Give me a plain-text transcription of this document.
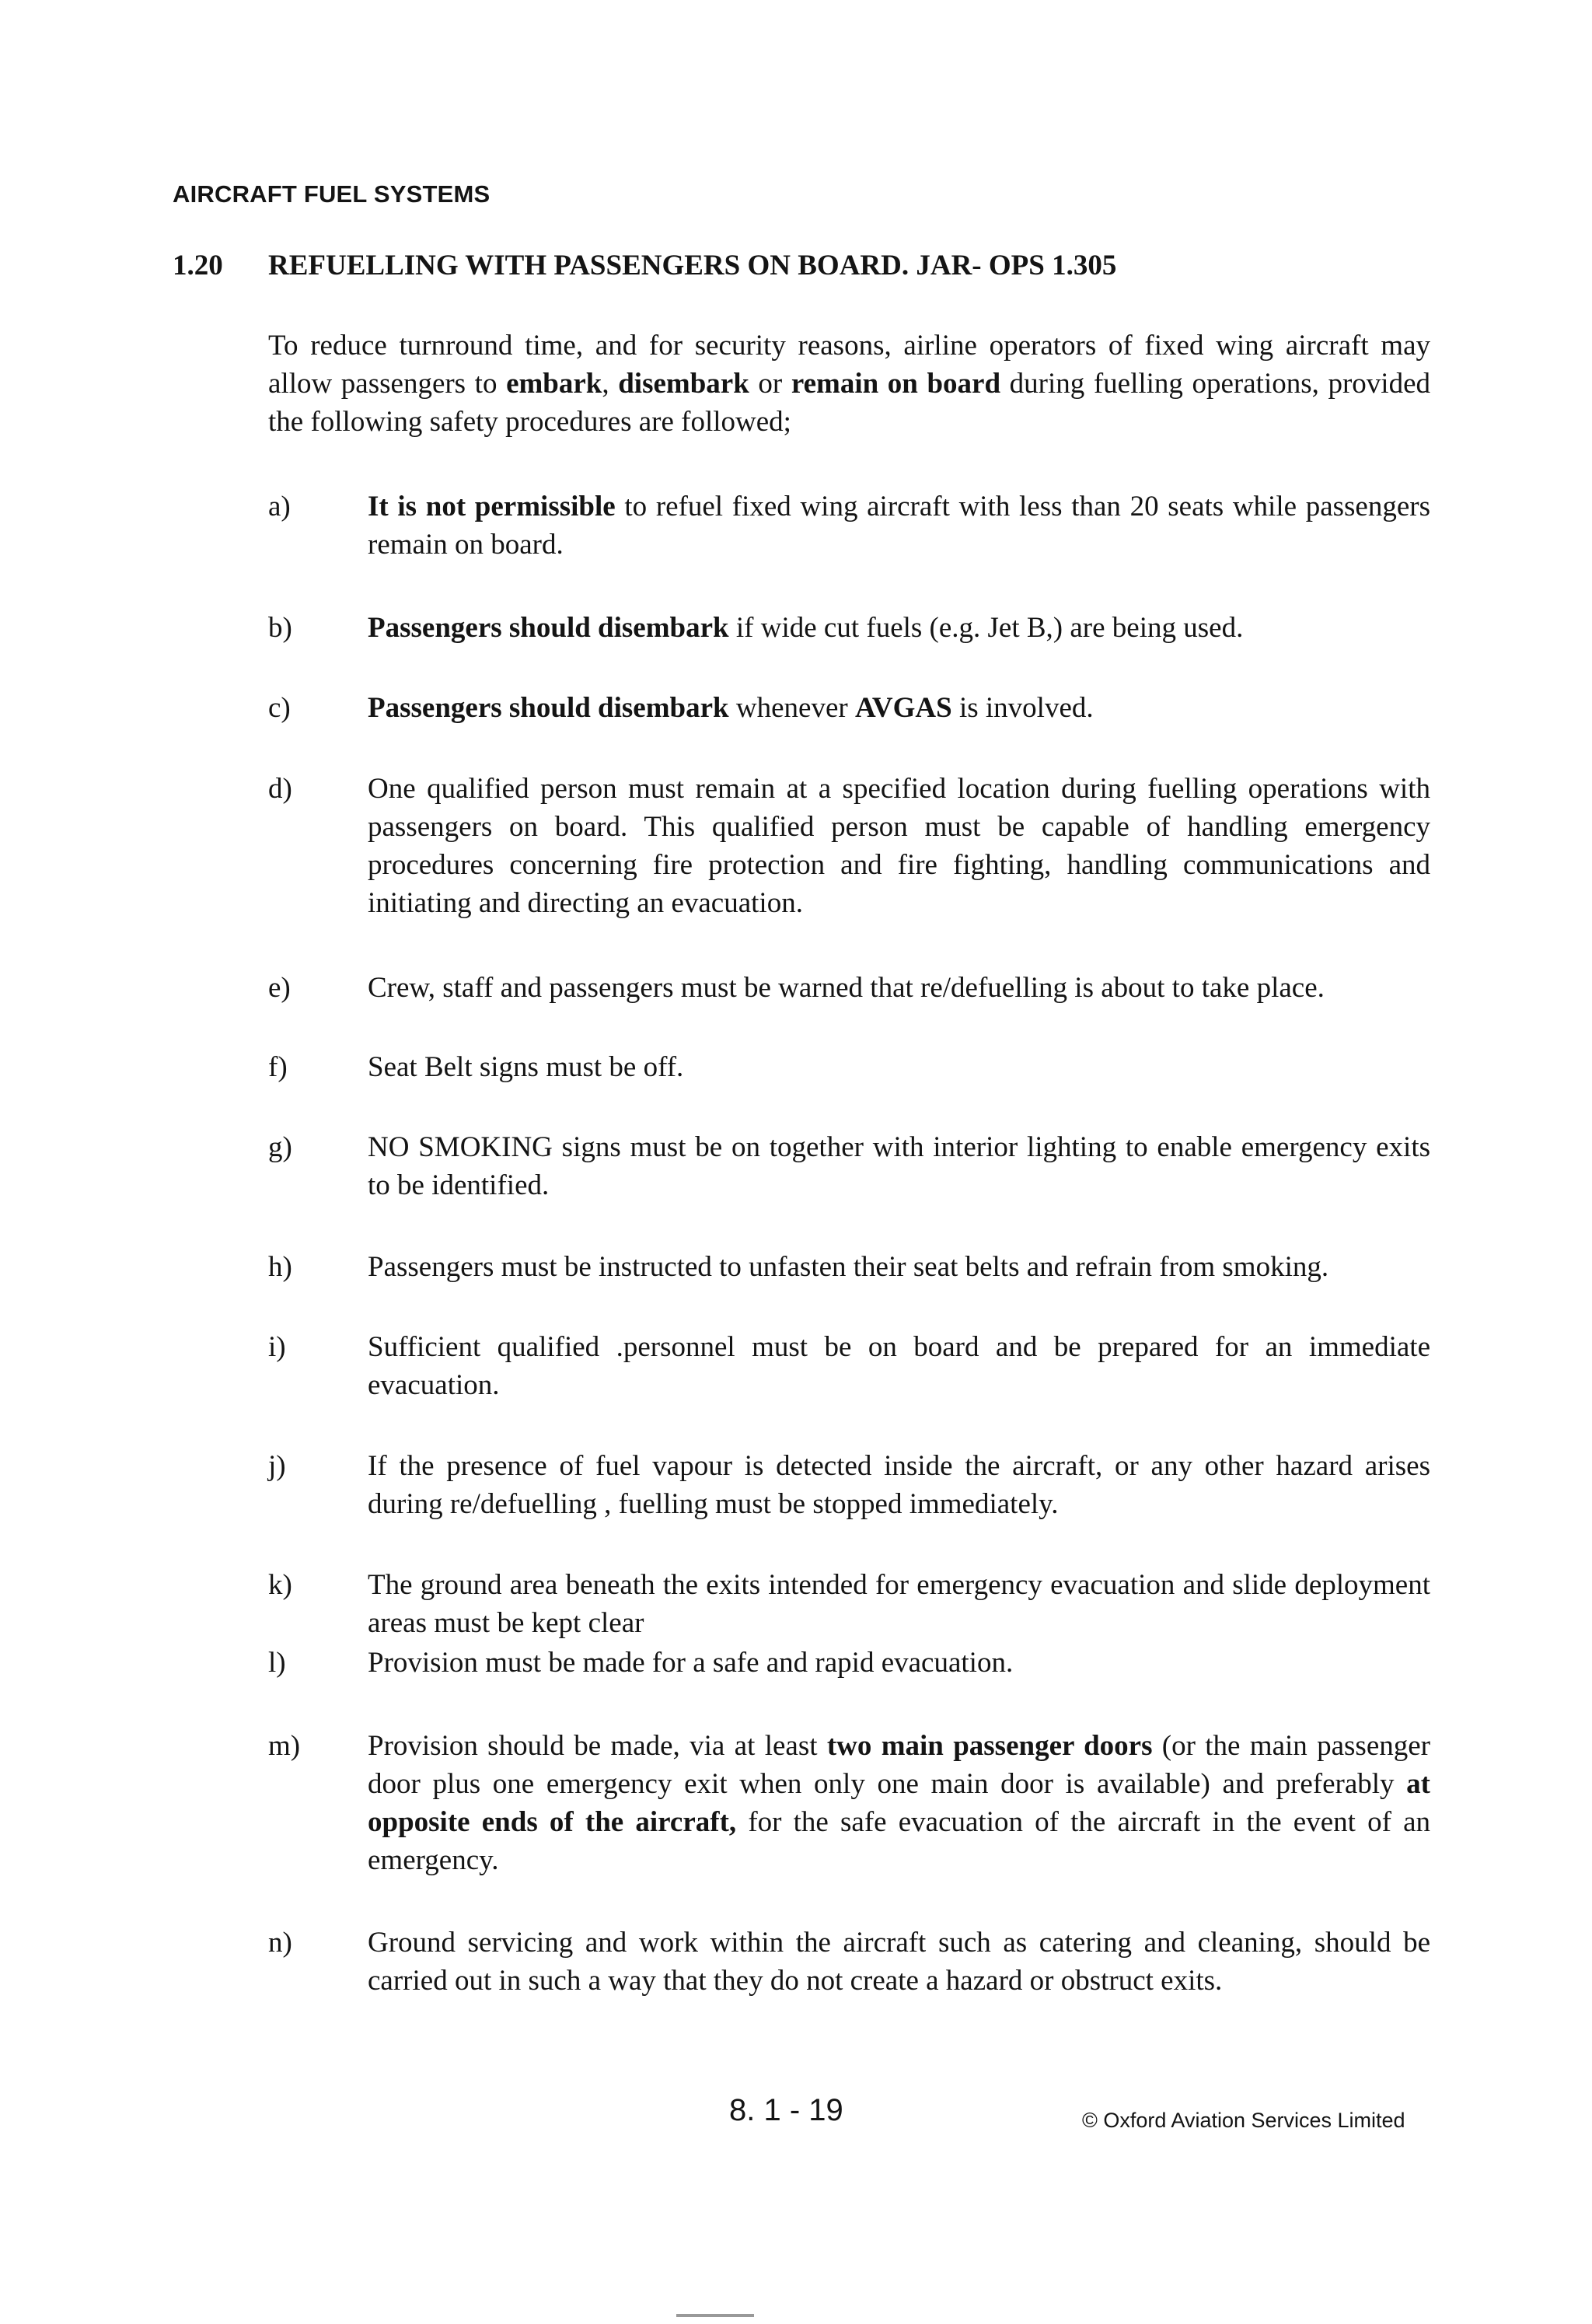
AIRCRAFT FUEL SYSTEMS
1.20 REFUELLING WITH PASSENGERS ON BOARD. JAR- OPS 1.305
To reduce turnround time, and for security reasons, airline operators of fixed wing aircraft may allow passengers to embark, disembark or remain on board during fuelling operations, provided the following safety procedures are followed;
a)	It is not permissible to refuel fixed wing aircraft with less than 20 seats while passengers remain on board.
b)	Passengers should disembark if wide cut fuels (e.g. Jet B,) are being used.
c)	Passengers should disembark whenever AVGAS is involved.
d)	One qualified person must remain at a specified location during fuelling operations with passengers on board. This qualified person must be capable of handling emergency procedures concerning fire protection and fire fighting, handling communications and initiating and directing an evacuation.
e)	Crew, staff and passengers must be warned that re/defuelling is about to take place.
f)	Seat Belt signs must be off.
g)	NO SMOKING signs must be on together with interior lighting to enable emergency exits to be identified.
h)	Passengers must be instructed to unfasten their seat belts and refrain from smoking.
i)	Sufficient qualified .personnel must be on board and be prepared for an immediate evacuation.
j)	If the presence of fuel vapour is detected inside the aircraft, or any other hazard arises during re/defuelling , fuelling must be stopped immediately.
k)	The ground area beneath the exits intended for emergency evacuation and slide deployment areas must be kept clear
l)	Provision must be made for a safe and rapid evacuation.
m)	Provision should be made, via at least two main passenger doors (or the main passenger door plus one emergency exit when only one main door is available) and preferably at opposite ends of the aircraft, for the safe evacuation of the aircraft in the event of an emergency.
n)	Ground servicing and work within the aircraft such as catering and cleaning, should be carried out in such a way that they do not create a hazard or obstruct exits.
8. 1 - 19	© Oxford Aviation Services Limited
